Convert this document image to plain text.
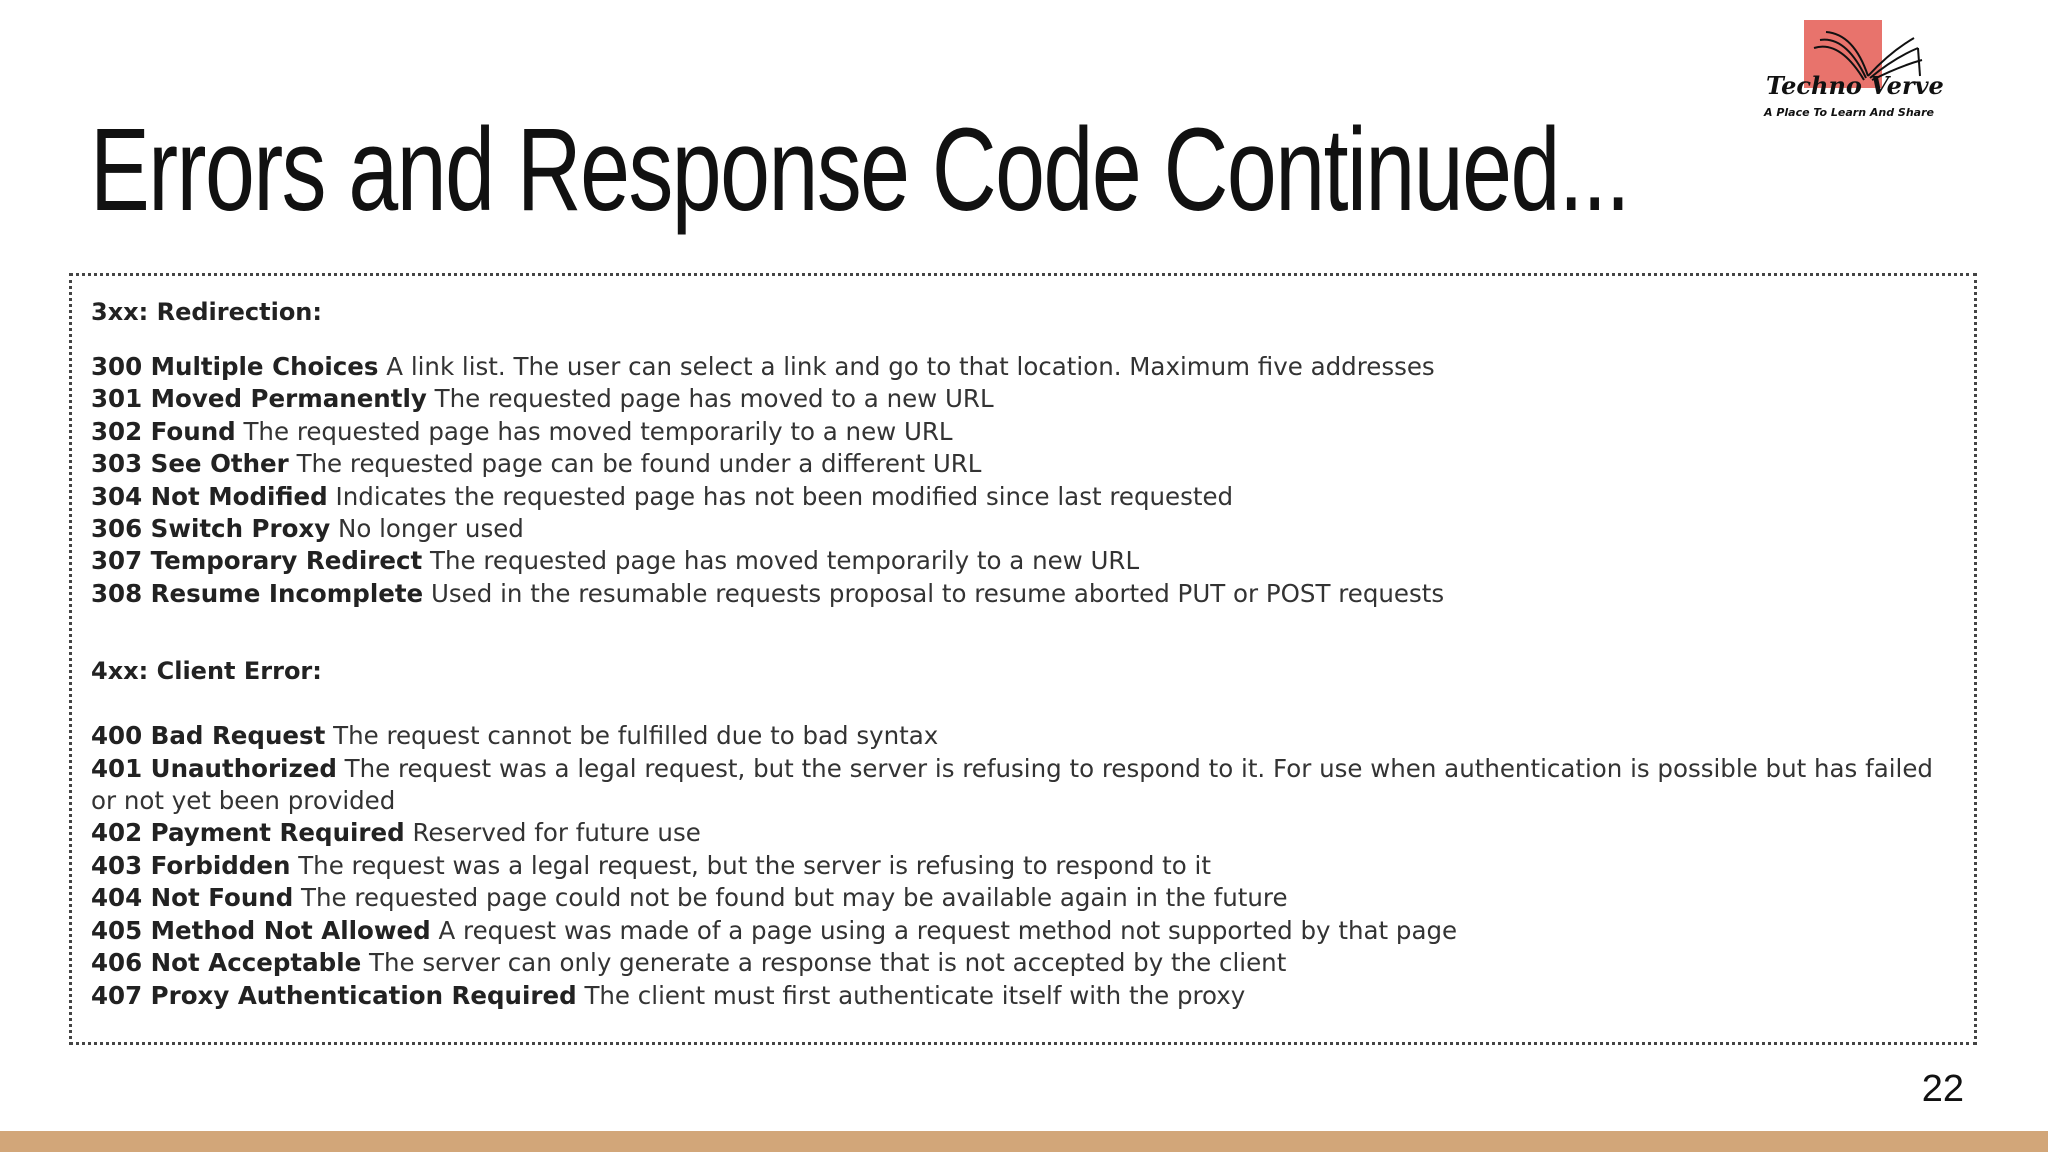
Errors and Response Code Continued...
Techno Verve
A Place To Learn And Share

3xx: Redirection:

300 Multiple Choices A link list. The user can select a link and go to that location. Maximum five addresses
301 Moved Permanently The requested page has moved to a new URL
302 Found The requested page has moved temporarily to a new URL
303 See Other The requested page can be found under a different URL
304 Not Modified Indicates the requested page has not been modified since last requested
306 Switch Proxy No longer used
307 Temporary Redirect The requested page has moved temporarily to a new URL
308 Resume Incomplete Used in the resumable requests proposal to resume aborted PUT or POST requests

4xx: Client Error:

400 Bad Request The request cannot be fulfilled due to bad syntax
401 Unauthorized The request was a legal request, but the server is refusing to respond to it. For use when authentication is possible but has failed or not yet been provided
402 Payment Required Reserved for future use
403 Forbidden The request was a legal request, but the server is refusing to respond to it
404 Not Found The requested page could not be found but may be available again in the future
405 Method Not Allowed A request was made of a page using a request method not supported by that page
406 Not Acceptable The server can only generate a response that is not accepted by the client
407 Proxy Authentication Required The client must first authenticate itself with the proxy
22
